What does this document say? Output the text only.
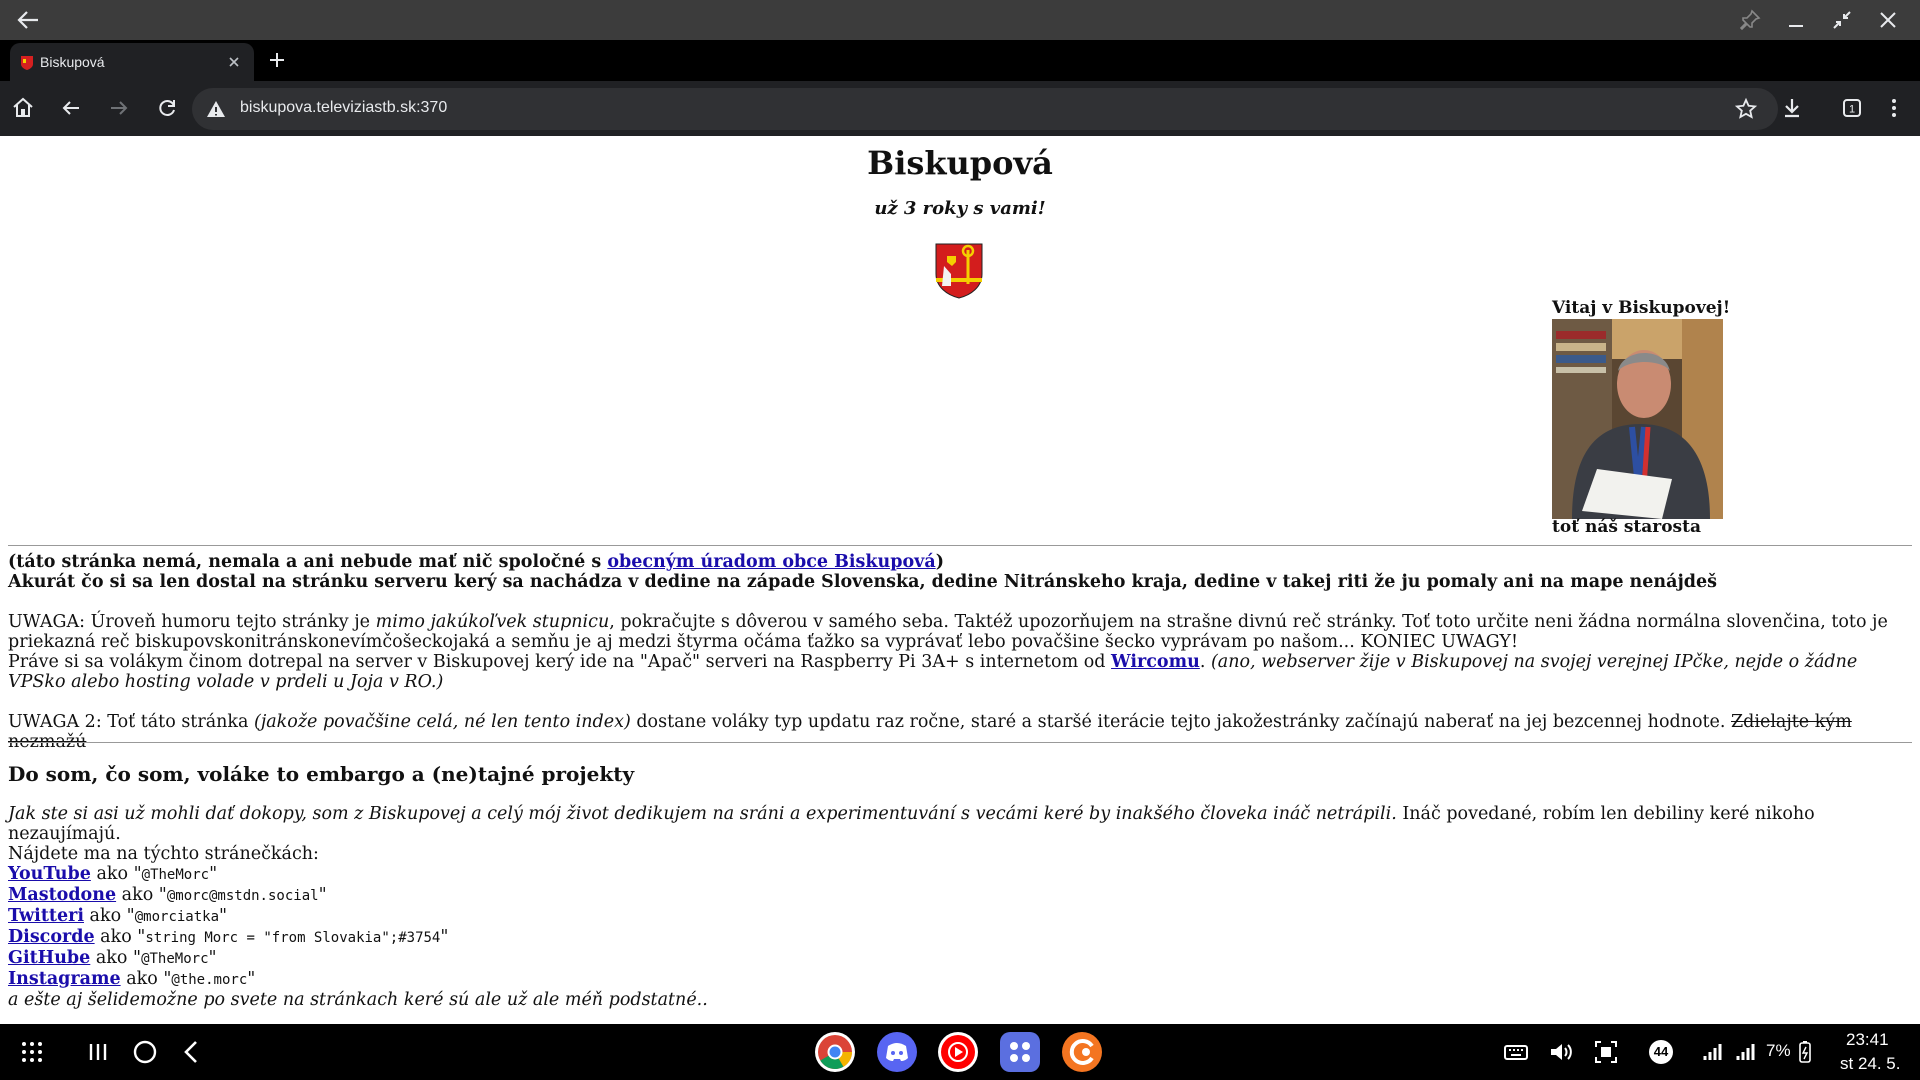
Biskupová
biskupova.televiziastb.sk:370	1
Biskupová
už 3 roky s vami!
Vitaj v Biskupovej!
toť náš starosta
(táto stránka nemá, nemala a ani nebude mať nič spoločné s obecným úradom obce Biskupová)
Akurát čo si sa len dostal na stránku serveru kerý sa nachádza v dedine na západe Slovenska, dedine Nitránskeho kraja, dedine v takej riti že ju pomaly ani na mape nenájdeš
UWAGA: Úroveň humoru tejto stránky je mimo jakúkoľvek stupnicu, pokračujte s dôverou v samého seba. Taktéž upozorňujem na strašne divnú reč stránky. Toť toto určite neni žádna normálna slovenčina, toto je priekazná reč biskupovskonitránskonevímčošeckojaká a semňu je aj medzi štyrma očáma ťažko sa vyprávať lebo povačšine šecko vyprávam po našom... KONIEC UWAGY!
Práve si sa volákym činom dotrepal na server v Biskupovej kerý ide na "Apač" serveri na Raspberry Pi 3A+ s internetom od Wircomu. (ano, webserver žije v Biskupovej na svojej verejnej IPčke, nejde o žádne VPSko alebo hosting volade v prdeli u Joja v RO.)
UWAGA 2: Toť táto stránka (jakože povačšine celá, né len tento index) dostane voláky typ updatu raz ročne, staré a staršé iterácie tejto jakožestránky začínajú naberať na jej bezcennej hodnote. Zdielajte kým nezmažú
Do som, čo som, voláke to embargo a (ne)tajné projekty
Jak ste si asi už mohli dať dokopy, som z Biskupovej a celý mój život dedikujem na sráni a experimentuvání s vecámi keré by inakšého človeka ináč netrápili. Ináč povedané, robím len debiliny keré nikoho nezaujímajú.
Nájdete ma na týchto stránečkách:
YouTube ako "@TheMorc"
Mastodone ako "@morc@mstdn.social"
Twitteri ako "@morciatka"
Discorde ako "string Morc = "from Slovakia";#3754"
GitHube ako "@TheMorc"
Instagrame ako "@the.morc"
a ešte aj šelidemožne po svete na stránkach keré sú ale už ale méň podstatné..
44	7%
23:41
st 24. 5.
